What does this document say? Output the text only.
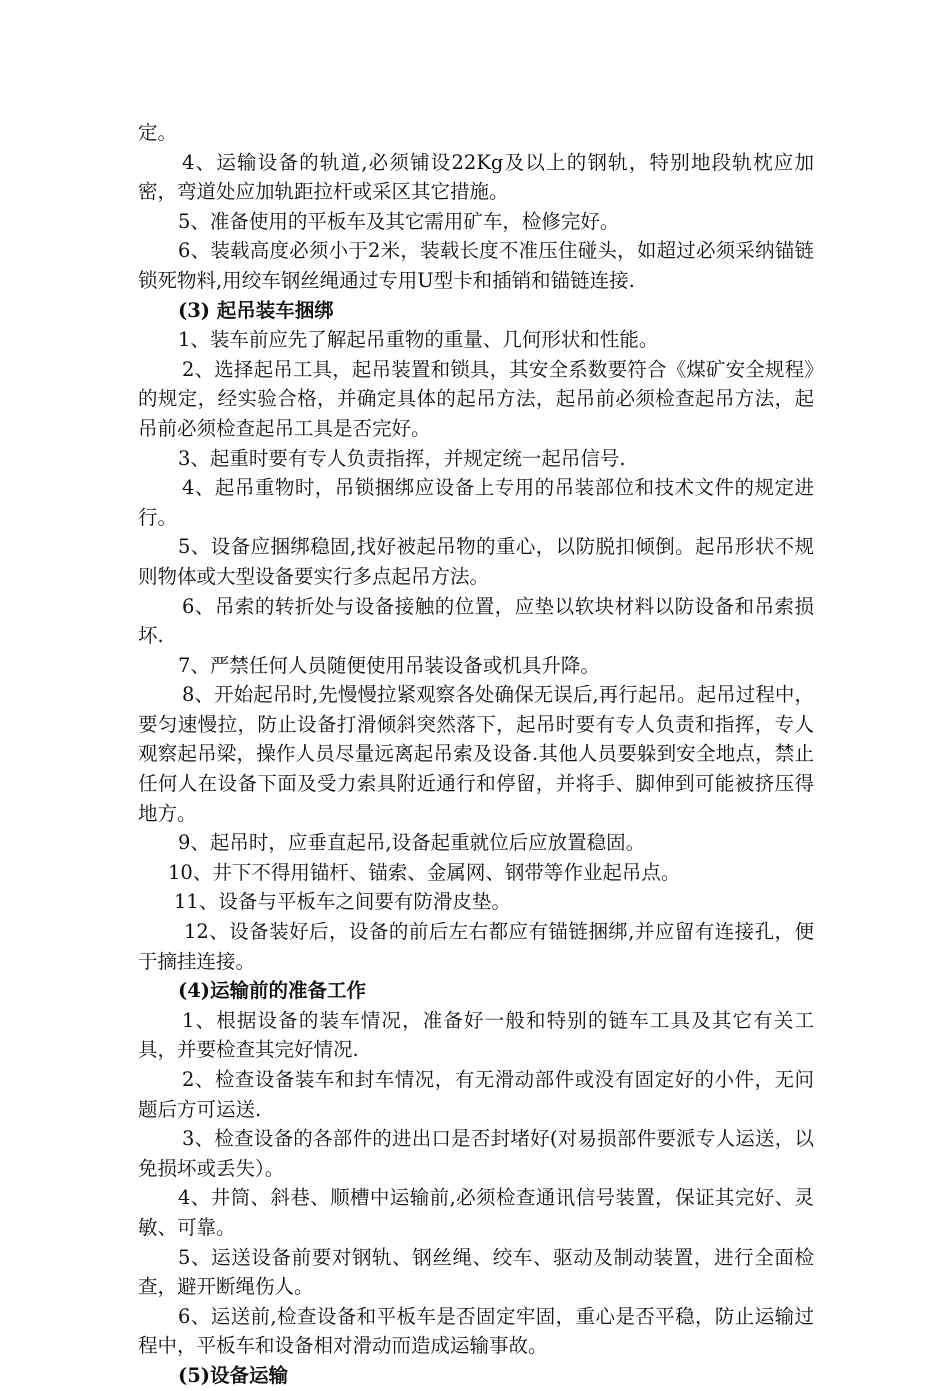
定。

4、运输设备的轨道,必须铺设22Kg及以上的钢轨，特别地段轨枕应加密，弯道处应加轨距拉杆或采区其它措施。

5、准备使用的平板车及其它需用矿车，检修完好。

6、装载高度必须小于2米，装载长度不准压住碰头，如超过必须采纳锚链锁死物料,用绞车钢丝绳通过专用U型卡和插销和锚链连接.

(3) 起吊装车捆绑

1、装车前应先了解起吊重物的重量、几何形状和性能。

2、选择起吊工具，起吊装置和锁具，其安全系数要符合《煤矿安全规程》的规定，经实验合格，并确定具体的起吊方法，起吊前必须检查起吊方法，起吊前必须检查起吊工具是否完好。

3、起重时要有专人负责指挥，并规定统一起吊信号.

4、起吊重物时，吊锁捆绑应设备上专用的吊装部位和技术文件的规定进行。

5、设备应捆绑稳固,找好被起吊物的重心，以防脱扣倾倒。起吊形状不规则物体或大型设备要实行多点起吊方法。

6、吊索的转折处与设备接触的位置，应垫以软块材料以防设备和吊索损坏.

7、严禁任何人员随便使用吊装设备或机具升降。

8、开始起吊时,先慢慢拉紧观察各处确保无误后,再行起吊。起吊过程中，要匀速慢拉，防止设备打滑倾斜突然落下，起吊时要有专人负责和指挥，专人观察起吊梁，操作人员尽量远离起吊索及设备.其他人员要躲到安全地点，禁止任何人在设备下面及受力索具附近通行和停留，并将手、脚伸到可能被挤压得地方。

9、起吊时，应垂直起吊,设备起重就位后应放置稳固。

10、井下不得用锚杆、锚索、金属网、钢带等作业起吊点。

11、设备与平板车之间要有防滑皮垫。

12、设备装好后，设备的前后左右都应有锚链捆绑,并应留有连接孔，便于摘挂连接。

(4)运输前的准备工作

1、根据设备的装车情况，准备好一般和特别的链车工具及其它有关工具，并要检查其完好情况.

2、检查设备装车和封车情况，有无滑动部件或没有固定好的小件，无问题后方可运送.

3、检查设备的各部件的进出口是否封堵好(对易损部件要派专人运送，以免损坏或丢失）。

4、井筒、斜巷、顺槽中运输前,必须检查通讯信号装置，保证其完好、灵敏、可靠。

5、运送设备前要对钢轨、钢丝绳、绞车、驱动及制动装置，进行全面检查，避开断绳伤人。

6、运送前,检查设备和平板车是否固定牢固，重心是否平稳，防止运输过程中，平板车和设备相对滑动而造成运输事故。

(5)设备运输
